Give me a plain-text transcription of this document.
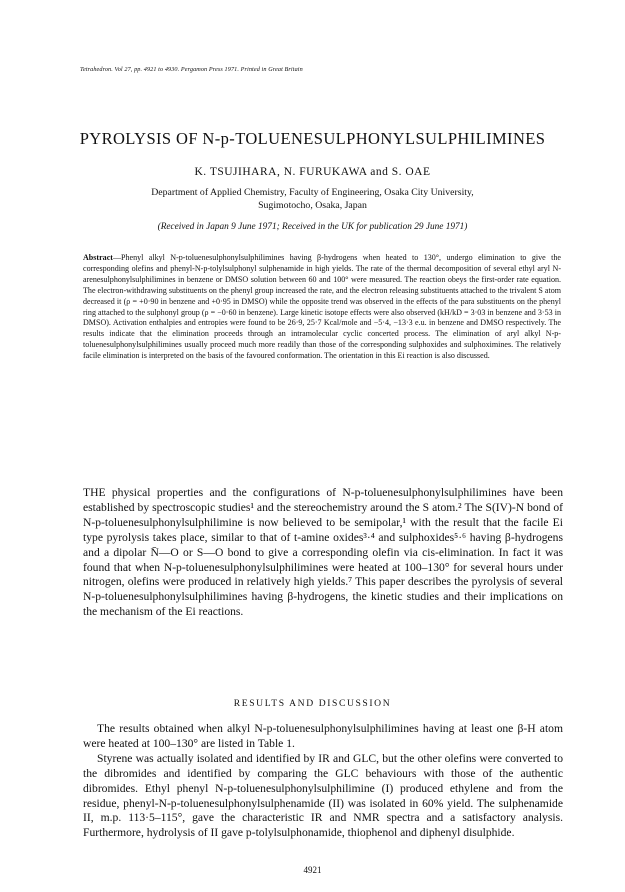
Tetrahedron. Vol 27, pp. 4921 to 4930. Pergamon Press 1971. Printed in Great Britain
PYROLYSIS OF N-p-TOLUENESULPHONYLSULPHILIMINES
K. TSUJIHARA, N. FURUKAWA and S. OAE
Department of Applied Chemistry, Faculty of Engineering, Osaka City University,
Sugimotocho, Osaka, Japan
(Received in Japan 9 June 1971; Received in the UK for publication 29 June 1971)
Abstract—Phenyl alkyl N-p-toluenesulphonylsulphilimines having β-hydrogens when heated to 130°, undergo elimination to give the corresponding olefins and phenyl-N-p-tolylsulphonyl sulphenamide in high yields. The rate of the thermal decomposition of several ethyl aryl N-arenesulphonylsulphilimines in benzene or DMSO solution between 60 and 100° were measured. The reaction obeys the first-order rate equation. The electron-withdrawing substituents on the phenyl group increased the rate, and the electron releasing substituents attached to the trivalent S atom decreased it (ρ = +0·90 in benzene and +0·95 in DMSO) while the opposite trend was observed in the effects of the para substituents on the phenyl ring attached to the sulphonyl group (ρ = −0·60 in benzene). Large kinetic isotope effects were also observed (kH/kD = 3·03 in benzene and 3·53 in DMSO). Activation enthalpies and entropies were found to be 26·9, 25·7 Kcal/mole and −5·4, −13·3 e.u. in benzene and DMSO respectively. The results indicate that the elimination proceeds through an intramolecular cyclic concerted process. The elimination of aryl alkyl N-p-toluenesulphonylsulphilimines usually proceed much more readily than those of the corresponding sulphoxides and sulphoximines. The relatively facile elimination is interpreted on the basis of the favoured conformation. The orientation in this Ei reaction is also discussed.

THE physical properties and the configurations of N-p-toluenesulphonylsulphilimines have been established by spectroscopic studies¹ and the stereochemistry around the S atom.² The S(IV)-N bond of N-p-toluenesulphonylsulphilimine is now believed to be semipolar,¹ with the result that the facile Ei type pyrolysis takes place, similar to that of t-amine oxides³·⁴ and sulphoxides⁵·⁶ having β-hydrogens and a dipolar N̄—O or S—O bond to give a corresponding olefin via cis-elimination. In fact it was found that when N-p-toluenesulphonylsulphilimines were heated at 100–130° for several hours under nitrogen, olefins were produced in relatively high yields.⁷ This paper describes the pyrolysis of several N-p-toluenesulphonylsulphilimines having β-hydrogens, the kinetic studies and their implications on the mechanism of the Ei reactions.

RESULTS AND DISCUSSION

The results obtained when alkyl N-p-toluenesulphonylsulphilimines having at least one β-H atom were heated at 100–130° are listed in Table 1.

Styrene was actually isolated and identified by IR and GLC, but the other olefins were converted to the dibromides and identified by comparing the GLC behaviours with those of the authentic dibromides. Ethyl phenyl N-p-toluenesulphonylsulphilimine (I) produced ethylene and from the residue, phenyl-N-p-toluenesulphonylsulphenamide (II) was isolated in 60% yield. The sulphenamide II, m.p. 113·5–115°, gave the characteristic IR and NMR spectra and a satisfactory analysis. Furthermore, hydrolysis of II gave p-tolylsulphonamide, thiophenol and diphenyl disulphide.

4921
